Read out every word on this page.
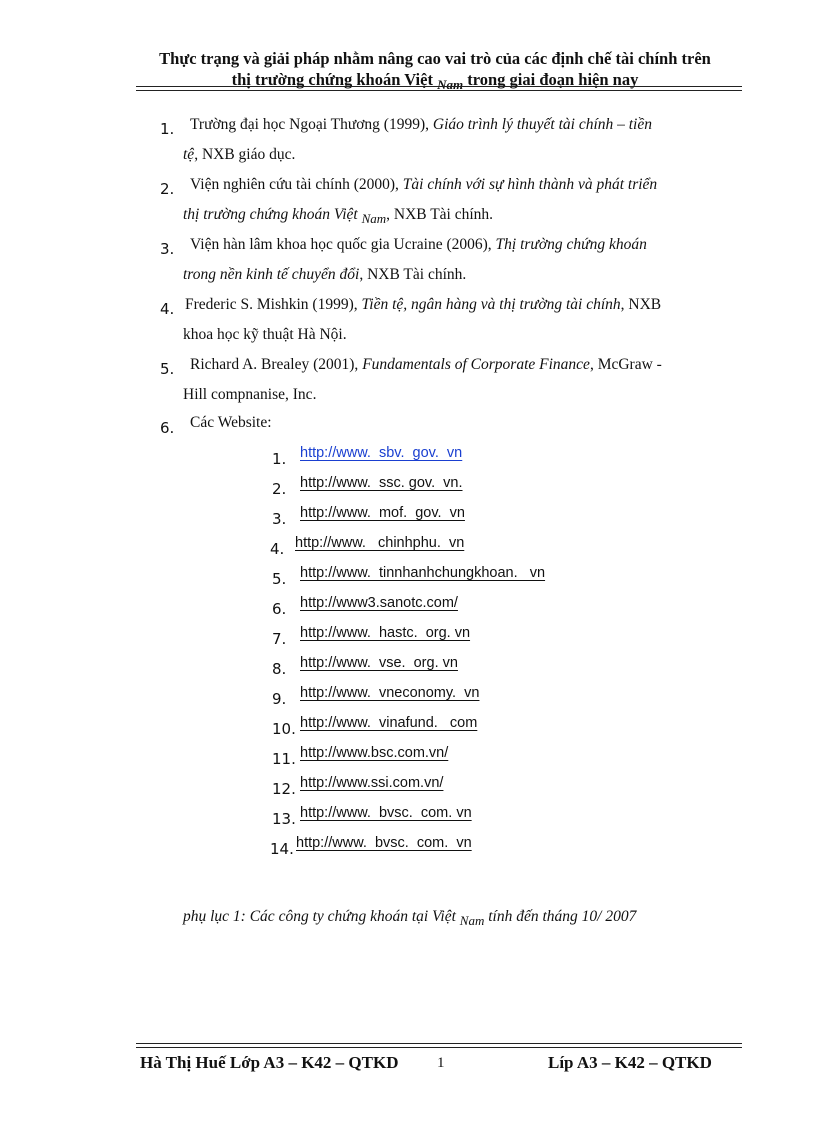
Thực trạng và giải pháp nhằm nâng cao vai trò của các định chế tài chính trên
thị trường chứng khoán Việt $_{Nam}$ trong giai đoạn hiện nay
1. Trường đại học Ngoại Thương (1999), Giáo trình lý thuyết tài chính – tiền
tệ, NXB giáo dục.
2. Viện nghiên cứu tài chính (2000), Tài chính với sự hình thành và phát triển
thị trường chứng khoán Việt $_{Nam}$, NXB Tài chính.
3. Viện hàn lâm khoa học quốc gia Ucraine (2006), Thị trường chứng khoán
trong nền kinh tế chuyển đổi, NXB Tài chính.
4. Frederic S. Mishkin (1999), Tiền tệ, ngân hàng và thị trường tài chính, NXB
khoa học kỹ thuật Hà Nội.
5. Richard A. Brealey (2001), Fundamentals of Corporate Finance, McGraw -
Hill compnanise, Inc.
6. Các Website:
1. http://www.  sbv.  gov.  vn
2. http://www.  ssc. gov.  vn.
3. http://www.  mof.  gov.  vn
4. http://www.   chinhphu.  vn
5. http://www.  tinnhanhchungkhoan.   vn
6. http://www3.sanotc.com/
7. http://www.  hastc.  org. vn
8. http://www.  vse.  org. vn
9. http://www.  vneconomy.  vn
10. http://www.  vinafund.   com
11. http://www.bsc.com.vn/
12. http://www.ssi.com.vn/
13. http://www.  bvsc.  com. vn
14. http://www.  bvsc.  com.  vn
phụ lục 1: Các công ty chứng khoán tại Việt $_{Nam}$ tính đến tháng 10/ 2007
Hà Thị Huế Lớp A3 – K42 – QTKD	1	Líp A3 – K42 – QTKD
